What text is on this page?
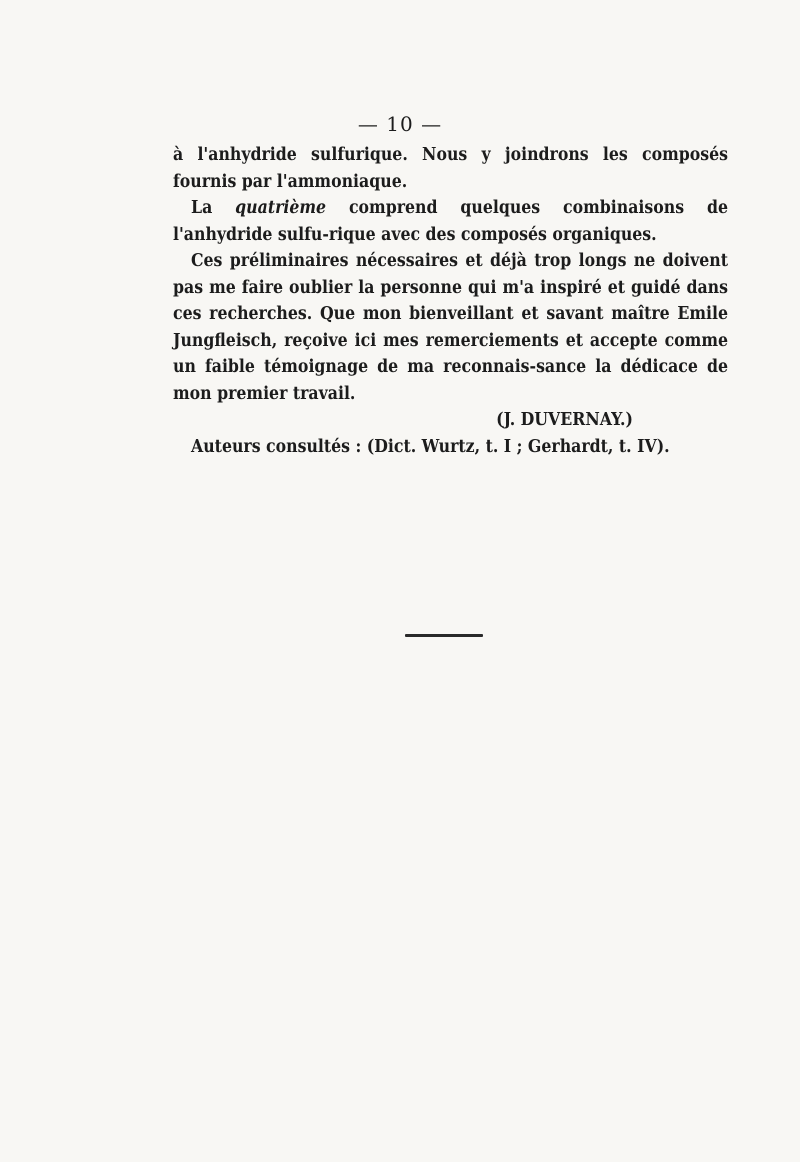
— 10 —

à l'anhydride sulfurique. Nous y joindrons les composés fournis par l'ammoniaque.

La quatrième comprend quelques combinaisons de l'anhydride sulfu-rique avec des composés organiques.

Ces préliminaires nécessaires et déjà trop longs ne doivent pas me faire oublier la personne qui m'a inspiré et guidé dans ces recherches. Que mon bienveillant et savant maître Emile Jungfleisch, reçoive ici mes remerciements et accepte comme un faible témoignage de ma reconnais-sance la dédicace de mon premier travail.

(J. DUVERNAY.)

Auteurs consultés : (Dict. Wurtz, t. I ; Gerhardt, t. IV).
